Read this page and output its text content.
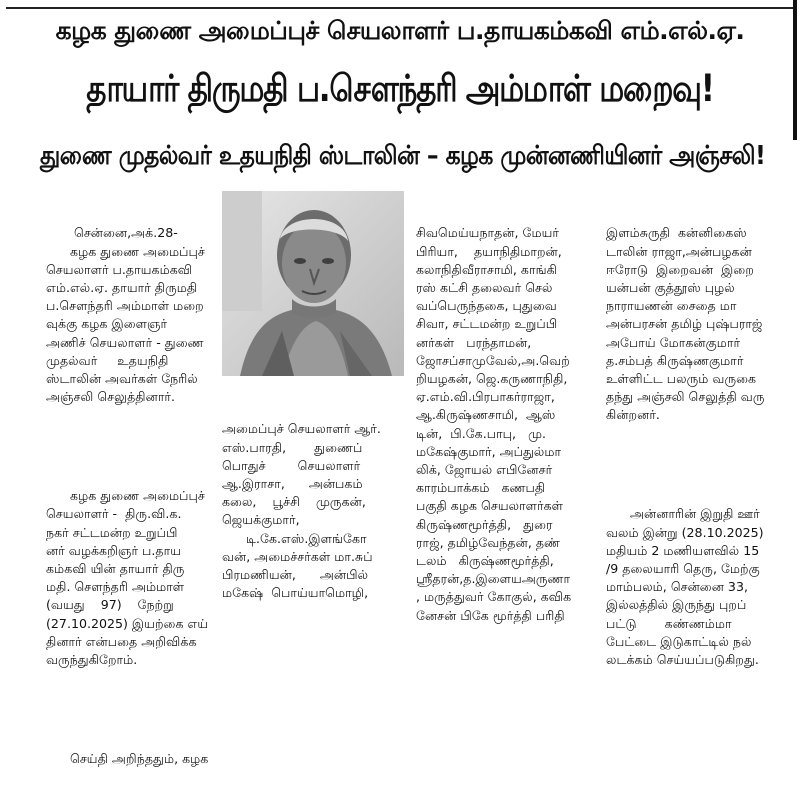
கழக துணை அமைப்புச் செயலாளர் ப.தாயகம்கவி எம்.எல்.ஏ.
தாயார் திருமதி ப.சௌந்தரி அம்மாள் மறைவு!
துணை முதல்வர் உதயநிதி ஸ்டாலின் – கழக முன்னணியினர் அஞ்சலி!

சென்னை,அக்.28-
கழக துணை அமைப்புச்
செயலாளர் ப.தாயகம்கவி
எம்.எல்.ஏ. தாயார் திருமதி
ப.சௌந்தரி அம்மாள் மறை
வுக்கு கழக இளைஞர்
அணிச் செயலாளர் - துணை
முதல்வர்     உதயநிதி
ஸ்டாலின் அவர்கள் நேரில்
அஞ்சலி செலுத்தினார்.

கழக துணை அமைப்புச்
செயலாளர் -  திரு.வி.க.
நகர் சட்டமன்ற உறுப்பி
னர் வழக்கறிஞர் ப.தாய
கம்கவி யின் தாயார் திரு
மதி. சௌந்தரி அம்மாள்
(வயது    97)    நேற்று
(27.10.2025) இயற்கை எய்
தினார் என்பதை அறிவிக்க
வருந்துகிறோம்.

செய்தி அறிந்ததும், கழக

அமைப்புச் செயலாளர் ஆர்.
எஸ்.பாரதி,       துணைப்
பொதுச்        செயலாளர்
ஆ.இராசா,      அன்பகம்
கலை,    பூச்சி    முருகன்,
ஜெயக்குமார்,
டி.கே.எஸ்.இளங்கோ
வன், அமைச்சர்கள் மா.சுப்
பிரமணியன்,      அன்பில்
மகேஷ்  பொய்யாமொழி,

சிவமெய்யநாதன், மேயர்
பிரியா,    தயாநிதிமாறன்,
கலாநிதிவீராசாமி, காங்கி
ரஸ் கட்சி தலைவர் செல்
வப்பெருந்தகை, புதுவை
சிவா, சட்டமன்ற உறுப்பி
னர்கள்   பரந்தாமன்,
ஜோசப்சாமுவேல்,அ.வெற்
றியழகன், ஜெ.கருணாநிதி,
ஏ.எம்.வி.பிரபாகர்ராஜா,
ஆ.கிருஷ்ணசாமி,  ஆஸ்
டின்,  பி.கே.பாபு,   மு.
மகேஷ்குமார், அப்துல்மா
லிக், ஜோயல் எபினேசர்
காரம்பாக்கம்   கணபதி
பகுதி கழக செயலாளர்கள்
கிருஷ்ணமூர்த்தி,   துரை
ராஜ், தமிழ்வேந்தன், தண்
டலம்   கிருஷ்ணமூர்த்தி,
ஸ்ரீதரன்,த.இளையஅருணா
, மருத்துவர் கோகுல், கவிக
னேசன் பிகே மூர்த்தி பரிதி

இளம்சுருதி  கன்னிகைஸ்
டாலின் ராஜா,அன்பழகன்
ஈரோடு  இறைவன்  இறை
யன்பன் குத்தூஸ் புழல்
நாராயணன் சைதை மா
அன்பரசன் தமிழ் புஷ்பராஜ்
அபோய் மோகன்குமார்
த.சம்பத் கிருஷ்ணகுமார்
உள்ளிட்ட பலரும் வருகை
தந்து அஞ்சலி செலுத்தி வரு
கின்றனர்.

அன்னாரின் இறுதி ஊர்
வலம் இன்று (28.10.2025)
மதியம் 2 மணியளவில் 15
/9 தலையாரி தெரு, மேற்கு
மாம்பலம், சென்னை 33,
இல்லத்தில் இருந்து புறப்
பட்டு       கண்ணம்மா
பேட்டை இடுகாட்டில் நல்
லடக்கம் செய்யப்படுகிறது.
